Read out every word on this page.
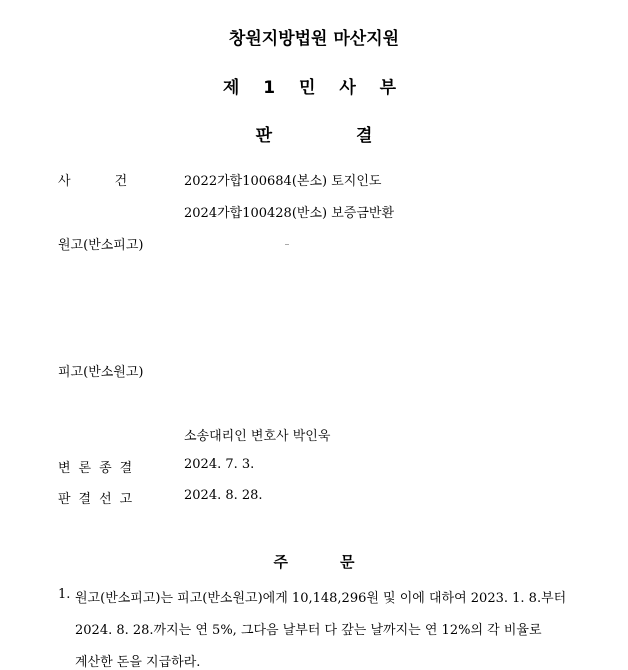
창원지방법원 마산지원
제 1 민 사 부
판	결
사	건	2022가합100684(본소) 토지인도
2024가합100428(반소) 보증금반환
원고(반소피고)
피고(반소원고)
소송대리인 변호사 박인욱
변론종결	2024. 7. 3.
판결선고	2024. 8. 28.
주	문
1. 원고(반소피고)는 피고(반소원고)에게 10,148,296원 및 이에 대하여 2023. 1. 8.부터
2024. 8. 28.까지는 연 5%, 그다음 날부터 다 갚는 날까지는 연 12%의 각 비율로
계산한 돈을 지급하라.
